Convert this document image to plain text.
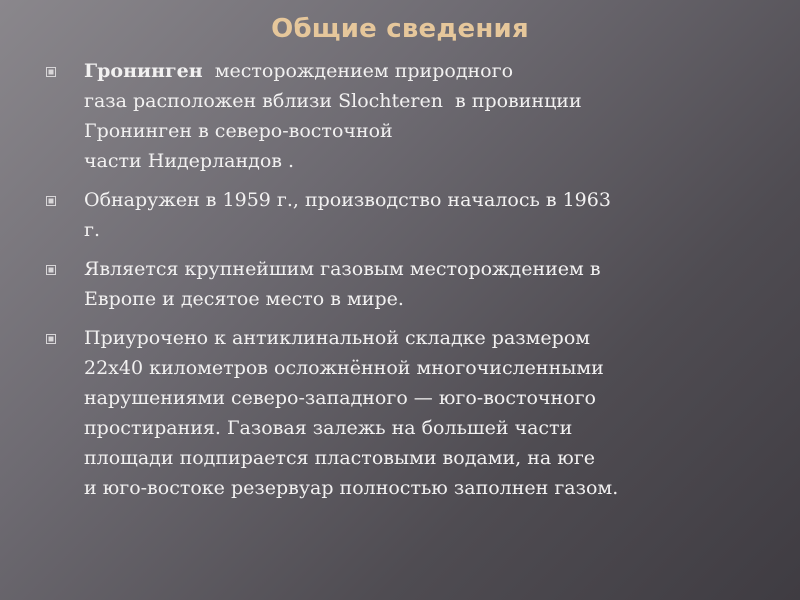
Общие сведения
Гронинген  месторождением природного
газа расположен вблизи Slochteren  в провинции
Гронинген в северо-восточной
части Нидерландов .
Обнаружен в 1959 г., производство началось в 1963
г.
Является крупнейшим газовым месторождением в
Европе и десятое место в мире.
Приурочено к антиклинальной складке размером
22x40 километров осложнённой многочисленными
нарушениями северо-западного — юго-восточного
простирания. Газовая залежь на большей части
площади подпирается пластовыми водами, на юге
и юго-востоке резервуар полностью заполнен газом.
